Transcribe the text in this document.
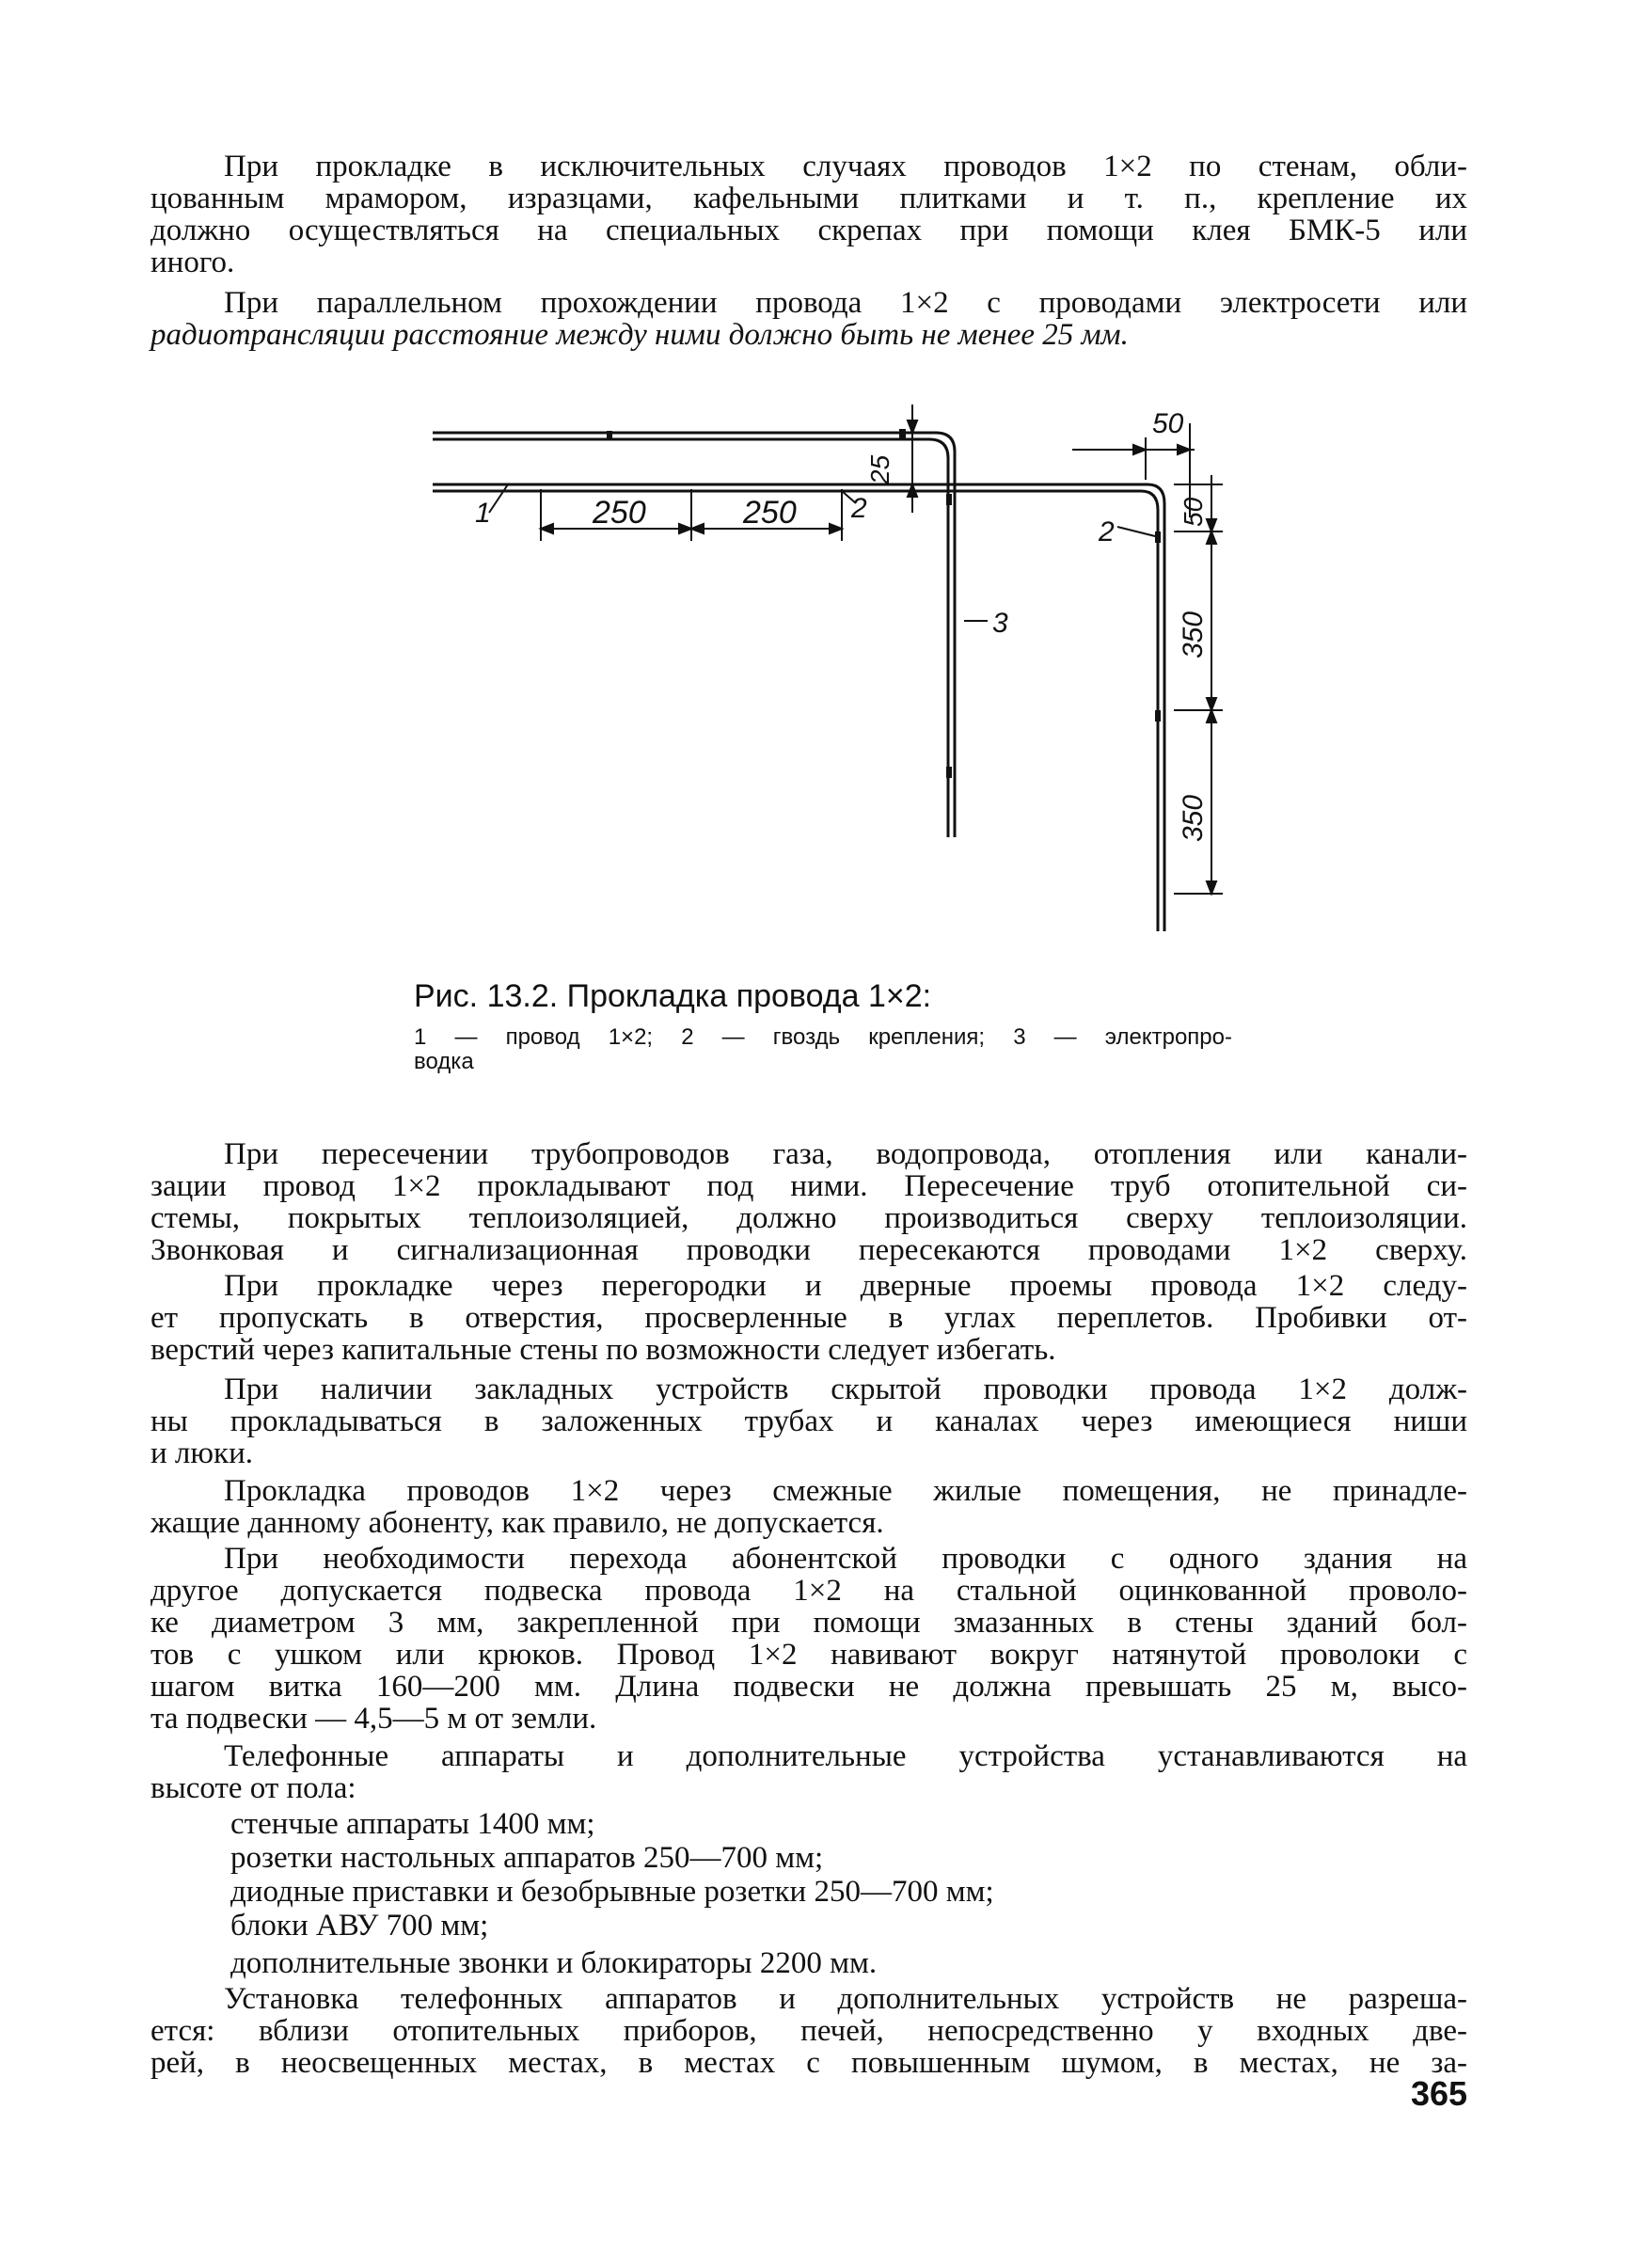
При прокладке в исключительных случаях проводов 1×2 по стенам, обли-
цованным мрамором, изразцами, кафельными плитками и т. п., крепление их
должно осуществляться на специальных скрепах при помощи клея БМК-5 или
иного.

При параллельном прохождении провода 1×2 с проводами электросети или
радиотрансляции расстояние между ними должно быть не менее 25 мм.

250	250
25
50
50
350
350
1	2
2
3
Рис. 13.2. Прокладка провода 1×2:
1 — провод 1×2; 2 — гвоздь крепления; 3 — электропро-
водка

При пересечении трубопроводов газа, водопровода, отопления или канали-
зации провод 1×2 прокладывают под ними. Пересечение труб отопительной си-
стемы, покрытых теплоизоляцией, должно производиться сверху теплоизоляции.
Звонковая и сигнализационная проводки пересекаются проводами 1×2 сверху.

При прокладке через перегородки и дверные проемы провода 1×2 следу-
ет пропускать в отверстия, просверленные в углах переплетов. Пробивки от-
верстий через капитальные стены по возможности следует избегать.

При наличии закладных устройств скрытой проводки провода 1×2 долж-
ны прокладываться в заложенных трубах и каналах через имеющиеся ниши
и люки.

Прокладка проводов 1×2 через смежные жилые помещения, не принадле-
жащие данному абоненту, как правило, не допускается.

При необходимости перехода абонентской проводки с одного здания на
другое допускается подвеска провода 1×2 на стальной оцинкованной проволо-
ке диаметром 3 мм, закрепленной при помощи змазанных в стены зданий бол-
тов с ушком или крюков. Провод 1×2 навивают вокруг натянутой проволоки с
шагом витка 160—200 мм. Длина подвески не должна превышать 25 м, высо-
та подвески — 4,5—5 м от земли.

Телефонные аппараты и дополнительные устройства устанавливаются на
высоте от пола:

стенчые аппараты 1400 мм;
розетки настольных аппаратов 250—700 мм;
диодные приставки и безобрывные розетки 250—700 мм;
блоки АВУ 700 мм;
дополнительные звонки и блокираторы 2200 мм.

Установка телефонных аппаратов и дополнительных устройств не разреша-
ется: вблизи отопительных приборов, печей, непосредственно у входных две-
рей, в неосвещенных местах, в местах с повышенным шумом, в местах, не за-

365
